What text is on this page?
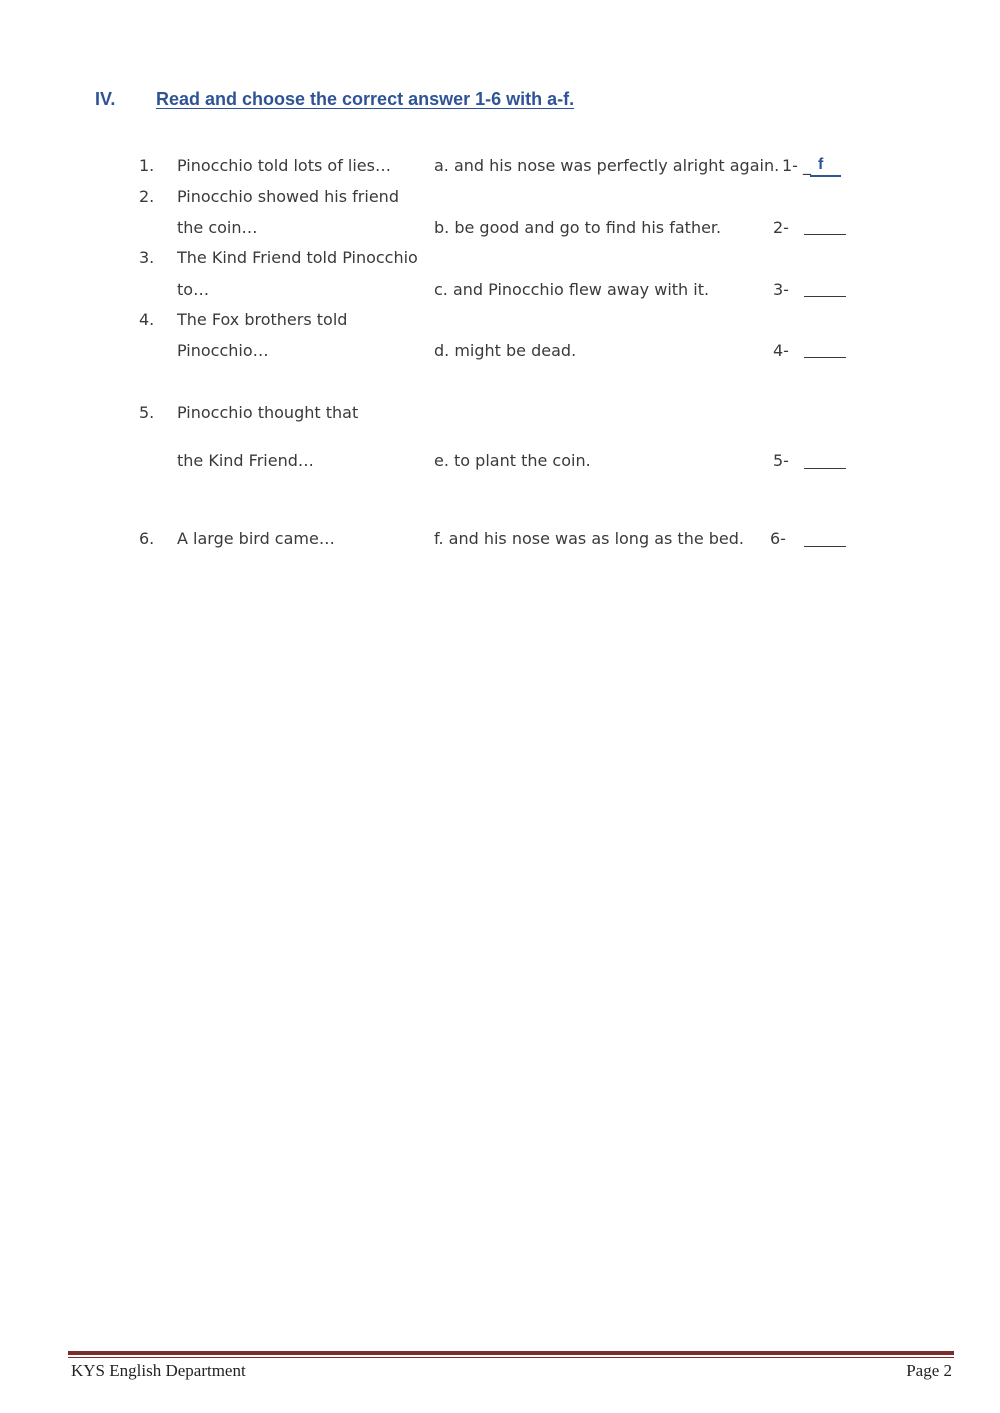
IV. Read and choose the correct answer 1-6 with a-f.
1. Pinocchio told lots of lies…	a. and his nose was perfectly alright again. 1- _ f
2. Pinocchio showed his friend
the coin…	b. be good and go to find his father.	2-
3. The Kind Friend told Pinocchio
to…	c. and Pinocchio flew away with it.	3-
4. The Fox brothers told
Pinocchio…	d. might be dead.	4-
5. Pinocchio thought that
the Kind Friend…	e. to plant the coin.	5-
6. A large bird came…	f. and his nose was as long as the bed. 6-
KYS English Department	Page 2
